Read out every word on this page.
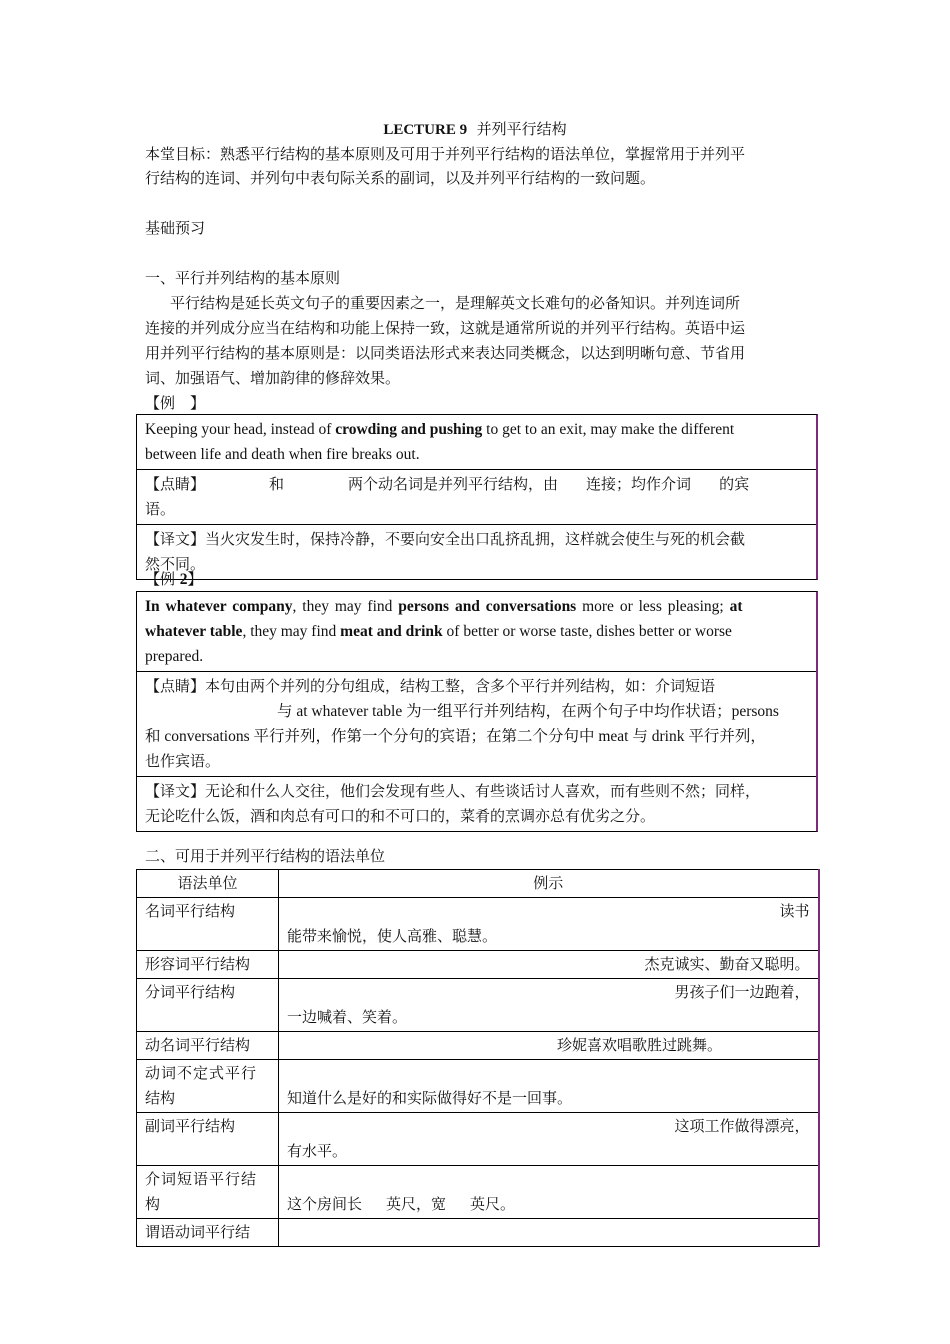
LECTURE 9 并列平行结构
本堂目标：熟悉平行结构的基本原则及可用于并列平行结构的语法单位，掌握常用于并列平
行结构的连词、并列句中表句际关系的副词，以及并列平行结构的一致问题。
基础预习
一、平行并列结构的基本原则
平行结构是延长英文句子的重要因素之一，是理解英文长难句的必备知识。并列连词所
连接的并列成分应当在结构和功能上保持一致，这就是通常所说的并列平行结构。英语中运
用并列平行结构的基本原则是：以同类语法形式来表达同类概念，以达到明晰句意、节省用
词、加强语气、增加韵律的修辞效果。
【例　】
Keeping your head, instead of crowding and pushing to get to an exit, may make the different
between life and death when fire breaks out.
【点睛】	和	两个动名词是并列平行结构，由 连接；均作介词 的宾
语。
【译文】当火灾发生时，保持冷静，不要向安全出口乱挤乱拥，这样就会使生与死的机会截
然不同。
【例 2】
In whatever company, they may find persons and conversations more or less pleasing; at
whatever table, they may find meat and drink of better or worse taste, dishes better or worse
prepared.
【点睛】本句由两个并列的分句组成，结构工整，含多个平行并列结构，如：介词短语
与 at whatever table 为一组平行并列结构，在两个句子中均作状语；persons
和 conversations 平行并列，作第一个分句的宾语；在第二个分句中 meat 与 drink 平行并列，
也作宾语。
【译文】无论和什么人交往，他们会发现有些人、有些谈话讨人喜欢，而有些则不然；同样，
无论吃什么饭，酒和肉总有可口的和不可口的，菜肴的烹调亦总有优劣之分。
二、可用于并列平行结构的语法单位
语法单位	例示
名词平行结构	读书
能带来愉悦，使人高雅、聪慧。

形容词平行结构	杰克诚实、勤奋又聪明。

分词平行结构	男孩子们一边跑着，
一边喊着、笑着。

动名词平行结构	珍妮喜欢唱歌胜过跳舞。

动词不定式平行
结构	知道什么是好的和实际做得好不是一回事。

副词平行结构	这项工作做得漂亮，
有水平。

介词短语平行结
构	这个房间长 英尺，宽 英尺。

谓语动词平行结	
